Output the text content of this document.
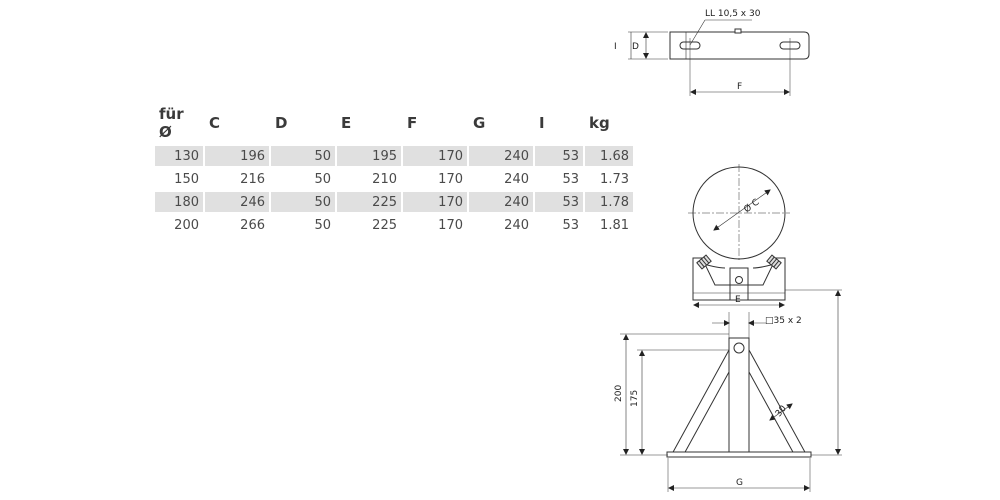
für Ø	C	D	E	F	G	I	kg
130	196	50	195	170	240	53	1.68
150	216	50	210	170	240	53	1.73
180	246	50	225	170	240	53	1.78
200	266	50	225	170	240	53	1.81
LL 10,5 x 30
D
I
F
Ø C
E
□35 x 2
200 175
30
G
